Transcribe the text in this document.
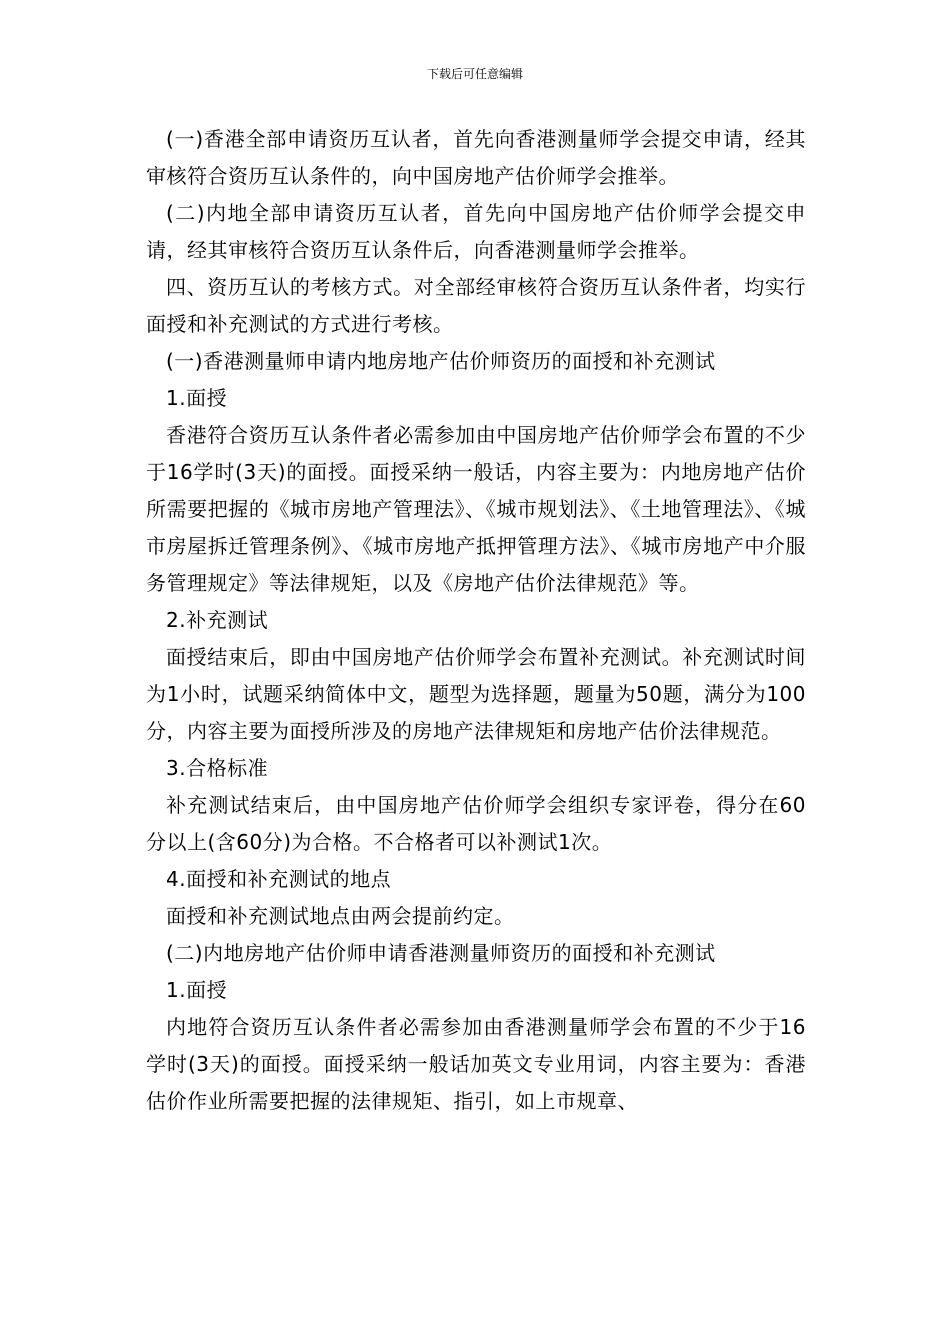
下载后可任意编辑

(一)香港全部申请资历互认者，首先向香港测量师学会提交申请，经其审核符合资历互认条件的，向中国房地产估价师学会推举。

(二)内地全部申请资历互认者，首先向中国房地产估价师学会提交申请，经其审核符合资历互认条件后，向香港测量师学会推举。

四、资历互认的考核方式。对全部经审核符合资历互认条件者，均实行面授和补充测试的方式进行考核。

(一)香港测量师申请内地房地产估价师资历的面授和补充测试

1.面授

香港符合资历互认条件者必需参加由中国房地产估价师学会布置的不少于16学时(3天)的面授。面授采纳一般话，内容主要为：内地房地产估价所需要把握的《城市房地产管理法》、《城市规划法》、《土地管理法》、《城市房屋拆迁管理条例》、《城市房地产抵押管理方法》、《城市房地产中介服务管理规定》等法律规矩，以及《房地产估价法律规范》等。

2.补充测试

面授结束后，即由中国房地产估价师学会布置补充测试。补充测试时间为1小时，试题采纳简体中文，题型为选择题，题量为50题，满分为100分，内容主要为面授所涉及的房地产法律规矩和房地产估价法律规范。

3.合格标准

补充测试结束后，由中国房地产估价师学会组织专家评卷，得分在60分以上(含60分)为合格。不合格者可以补测试1次。

4.面授和补充测试的地点

面授和补充测试地点由两会提前约定。

(二)内地房地产估价师申请香港测量师资历的面授和补充测试

1.面授

内地符合资历互认条件者必需参加由香港测量师学会布置的不少于16学时(3天)的面授。面授采纳一般话加英文专业用词，内容主要为：香港估价作业所需要把握的法律规矩、指引，如上市规章、
